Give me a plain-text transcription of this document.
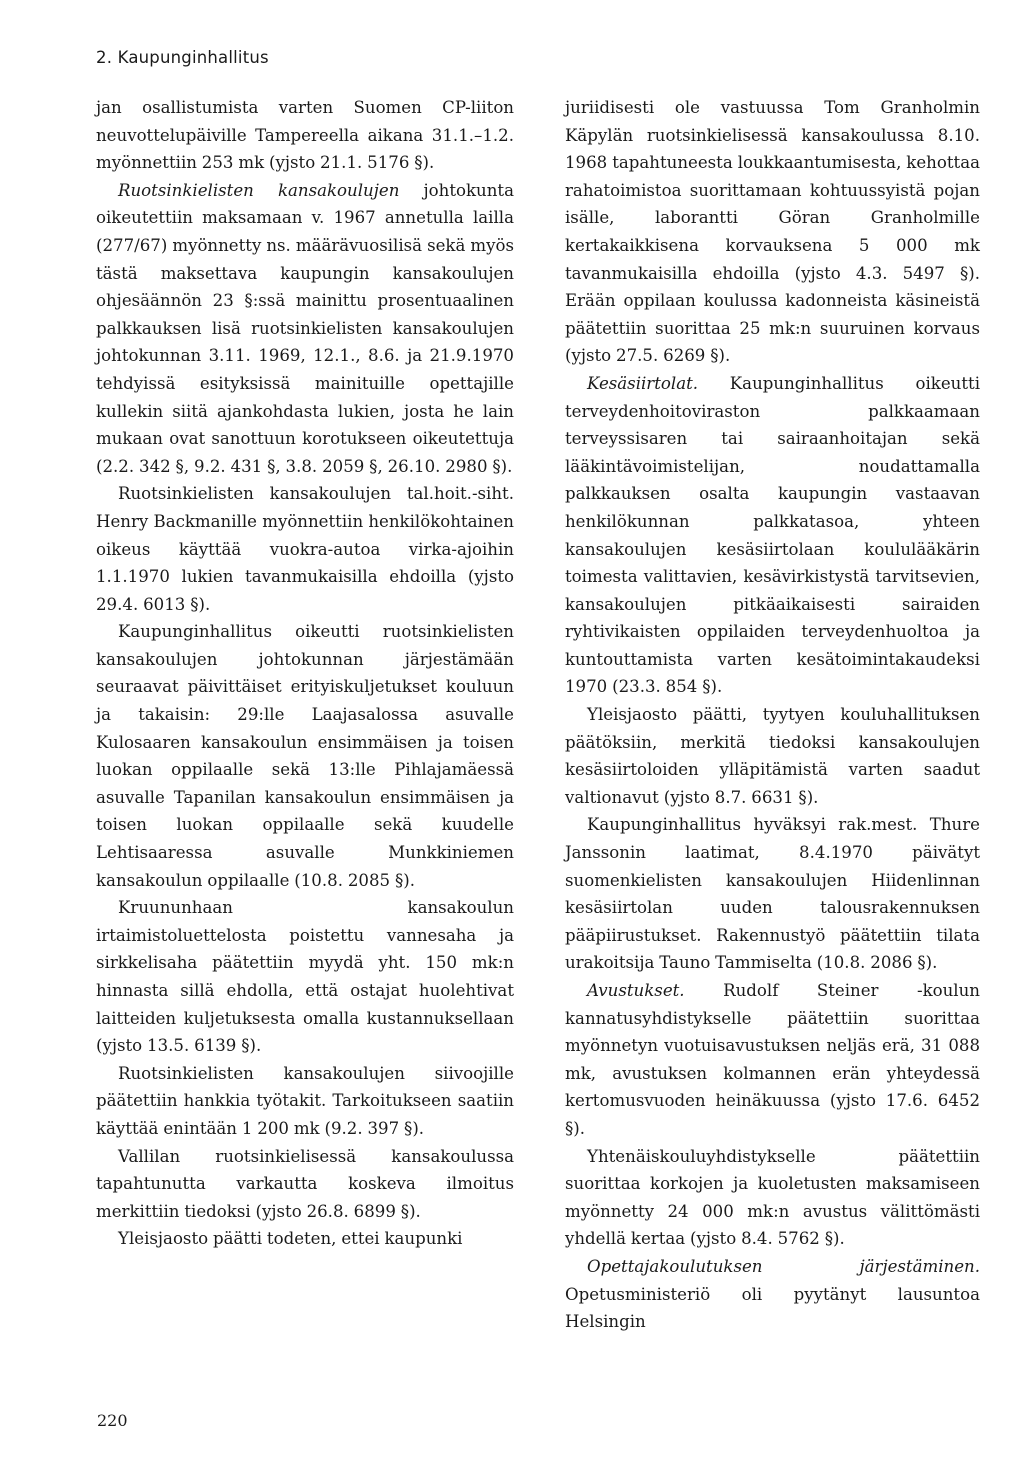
2. Kaupunginhallitus

jan osallistumista varten Suomen CP-liiton neuvottelupäiville Tampereella aikana 31.1.–1.2. myönnettiin 253 mk (yjsto 21.1. 5176 §).

Ruotsinkielisten kansakoulujen johtokunta oikeutettiin maksamaan v. 1967 annetulla lailla (277/67) myönnetty ns. määrävuosilisä sekä myös tästä maksettava kaupungin kansakoulujen ohjesäännön 23 §:ssä mainittu prosentuaalinen palkkauksen lisä ruotsinkielisten kansakoulujen johtokunnan 3.11. 1969, 12.1., 8.6. ja 21.9.1970 tehdyissä esityksissä mainituille opettajille kullekin siitä ajankohdasta lukien, josta he lain mukaan ovat sanottuun korotukseen oikeutettuja (2.2. 342 §, 9.2. 431 §, 3.8. 2059 §, 26.10. 2980 §).

Ruotsinkielisten kansakoulujen tal.hoit.-siht. Henry Backmanille myönnettiin henkilökohtainen oikeus käyttää vuokra-autoa virka-ajoihin 1.1.1970 lukien tavanmukaisilla ehdoilla (yjsto 29.4. 6013 §).

Kaupunginhallitus oikeutti ruotsinkielisten kansakoulujen johtokunnan järjestämään seuraavat päivittäiset erityiskuljetukset kouluun ja takaisin: 29:lle Laajasalossa asuvalle Kulosaaren kansakoulun ensimmäisen ja toisen luokan oppilaalle sekä 13:lle Pihlajamäessä asuvalle Tapanilan kansakoulun ensimmäisen ja toisen luokan oppilaalle sekä kuudelle Lehtisaaressa asuvalle Munkkiniemen kansakoulun oppilaalle (10.8. 2085 §).

Kruununhaan kansakoulun irtaimistoluettelosta poistettu vannesaha ja sirkkelisaha päätettiin myydä yht. 150 mk:n hinnasta sillä ehdolla, että ostajat huolehtivat laitteiden kuljetuksesta omalla kustannuksellaan (yjsto 13.5. 6139 §).

Ruotsinkielisten kansakoulujen siivoojille päätettiin hankkia työtakit. Tarkoitukseen saatiin käyttää enintään 1 200 mk (9.2. 397 §).

Vallilan ruotsinkielisessä kansakoulussa tapahtunutta varkautta koskeva ilmoitus merkittiin tiedoksi (yjsto 26.8. 6899 §).

Yleisjaosto päätti todeten, ettei kaupunki

juriidisesti ole vastuussa Tom Granholmin Käpylän ruotsinkielisessä kansakoulussa 8.10. 1968 tapahtuneesta loukkaantumisesta, kehottaa rahatoimistoa suorittamaan kohtuussyistä pojan isälle, laborantti Göran Granholmille kertakaikkisena korvauksena 5 000 mk tavanmukaisilla ehdoilla (yjsto 4.3. 5497 §). Erään oppilaan koulussa kadonneista käsineistä päätettiin suorittaa 25 mk:n suuruinen korvaus (yjsto 27.5. 6269 §).

Kesäsiirtolat. Kaupunginhallitus oikeutti terveydenhoitoviraston palkkaamaan terveyssisaren tai sairaanhoitajan sekä lääkintävoimistelijan, noudattamalla palkkauksen osalta kaupungin vastaavan henkilökunnan palkkatasoa, yhteen kansakoulujen kesäsiirtolaan koululääkärin toimesta valittavien, kesävirkistystä tarvitsevien, kansakoulujen pitkäaikaisesti sairaiden ryhtivikaisten oppilaiden terveydenhuoltoa ja kuntouttamista varten kesätoimintakaudeksi 1970 (23.3. 854 §).

Yleisjaosto päätti, tyytyen kouluhallituksen päätöksiin, merkitä tiedoksi kansakoulujen kesäsiirtoloiden ylläpitämistä varten saadut valtionavut (yjsto 8.7. 6631 §).

Kaupunginhallitus hyväksyi rak.mest. Thure Janssonin laatimat, 8.4.1970 päivätyt suomenkielisten kansakoulujen Hiidenlinnan kesäsiirtolan uuden talousrakennuksen pääpiirustukset. Rakennustyö päätettiin tilata urakoitsija Tauno Tammiselta (10.8. 2086 §).

Avustukset. Rudolf Steiner -koulun kannatusyhdistykselle päätettiin suorittaa myönnetyn vuotuisavustuksen neljäs erä, 31 088 mk, avustuksen kolmannen erän yhteydessä kertomusvuoden heinäkuussa (yjsto 17.6. 6452 §).

Yhtenäiskouluyhdistykselle päätettiin suorittaa korkojen ja kuoletusten maksamiseen myönnetty 24 000 mk:n avustus välittömästi yhdellä kertaa (yjsto 8.4. 5762 §).

Opettajakoulutuksen järjestäminen. Opetusministeriö oli pyytänyt lausuntoa Helsingin

220
